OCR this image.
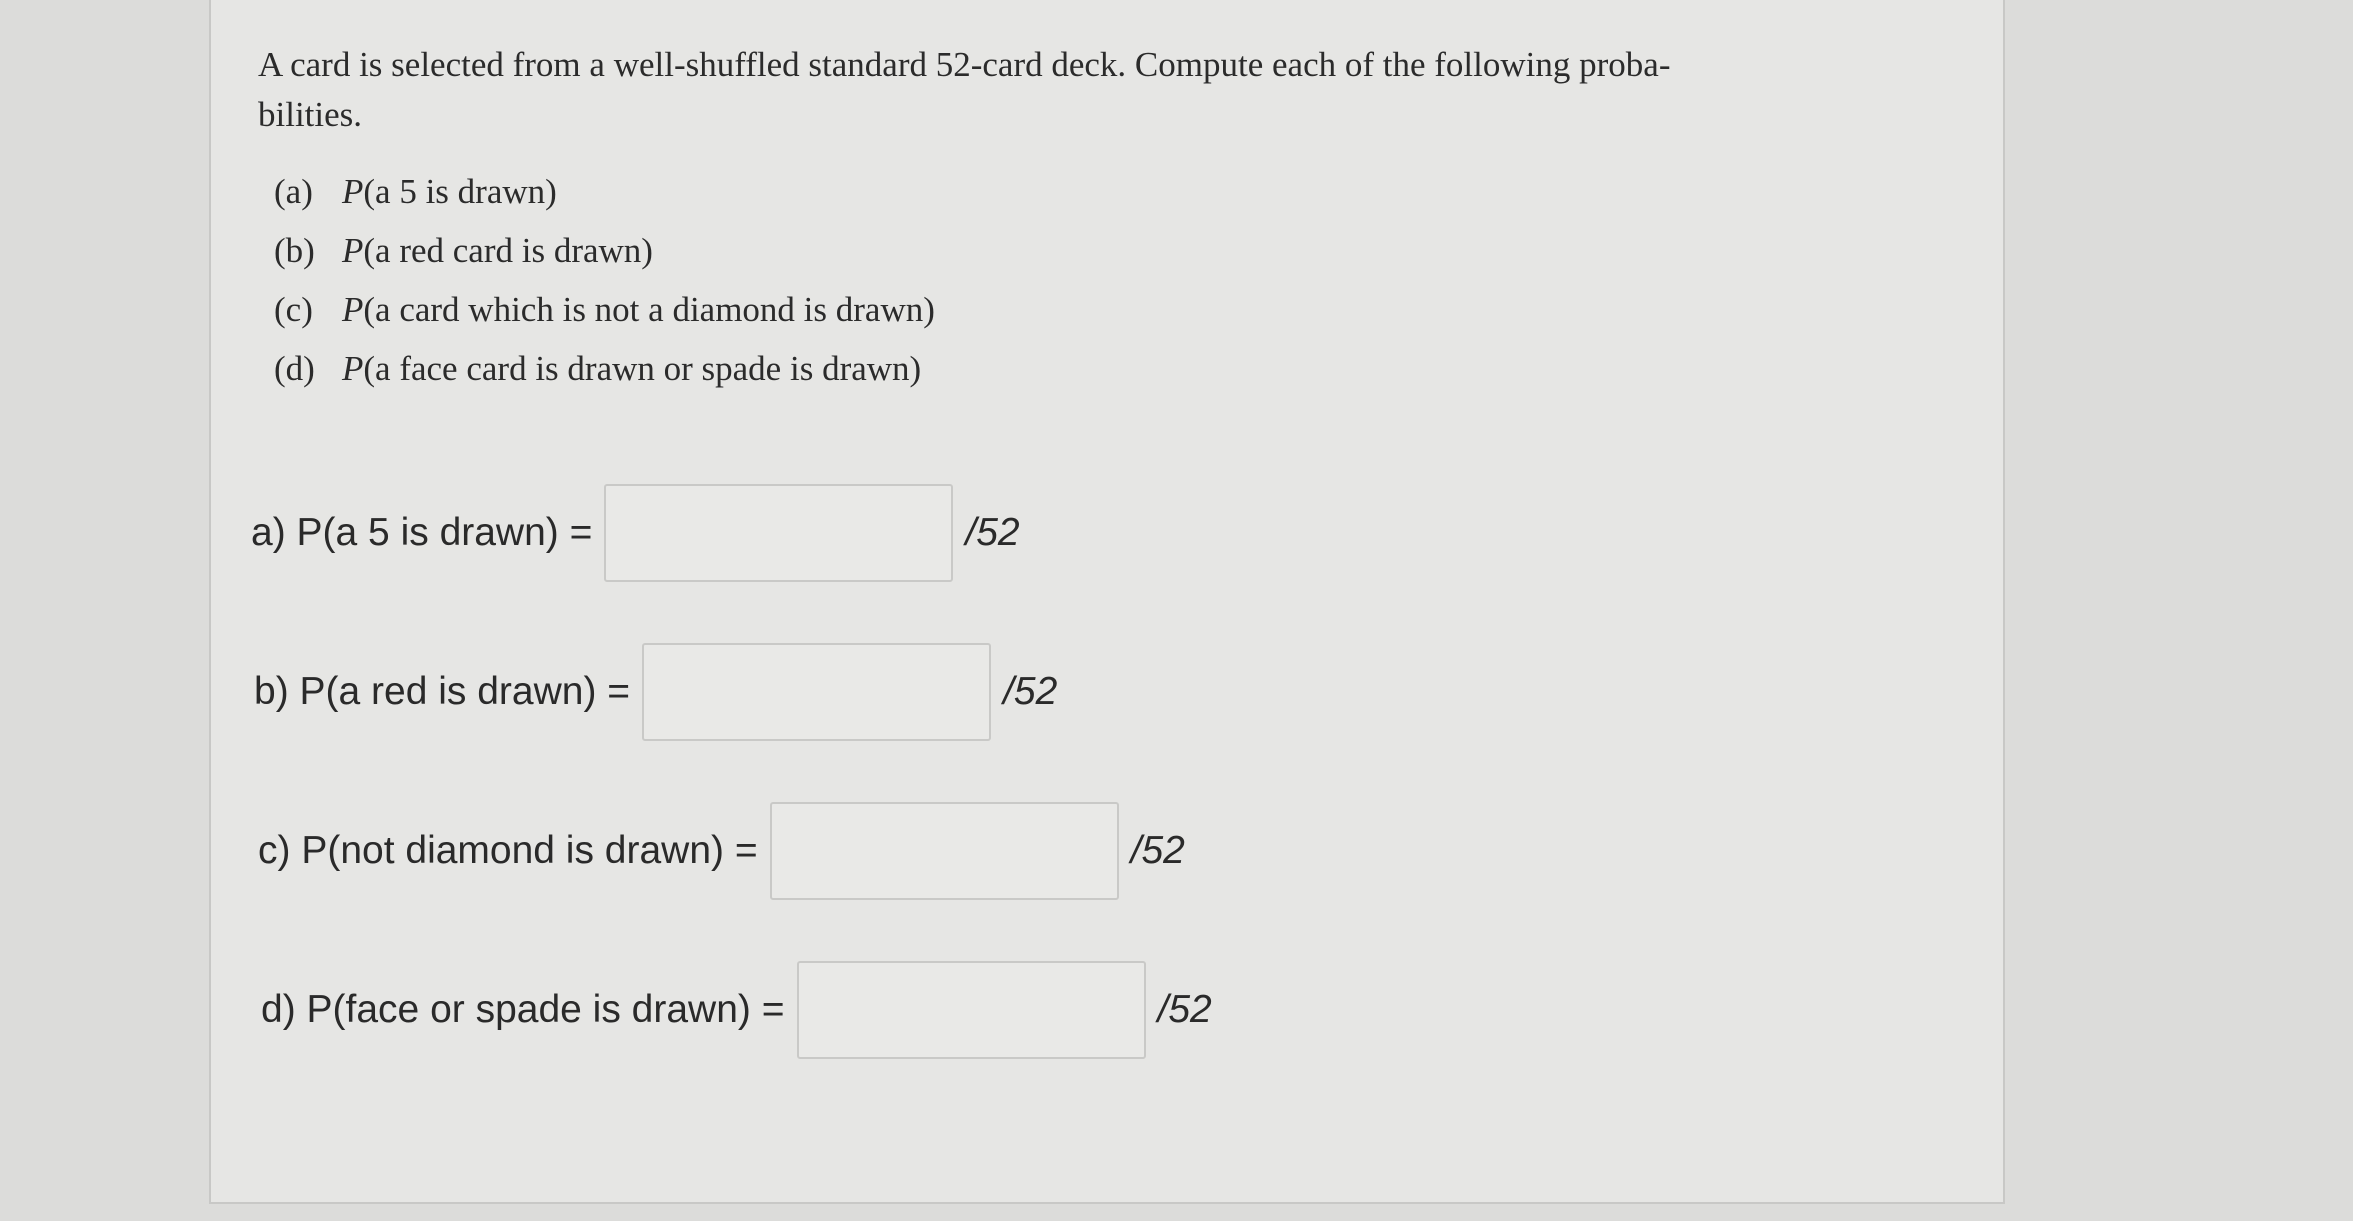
A card is selected from a well-shuffled standard 52-card deck. Compute each of the following proba-

bilities.

(a) P(a 5 is drawn)
(b) P(a red card is drawn)
(c) P(a card which is not a diamond is drawn)
(d) P(a face card is drawn or spade is drawn)
a) P(a 5 is drawn) =	/52
b) P(a red is drawn) =	/52
c) P(not diamond is drawn) =	/52
d) P(face or spade is drawn) =	/52
